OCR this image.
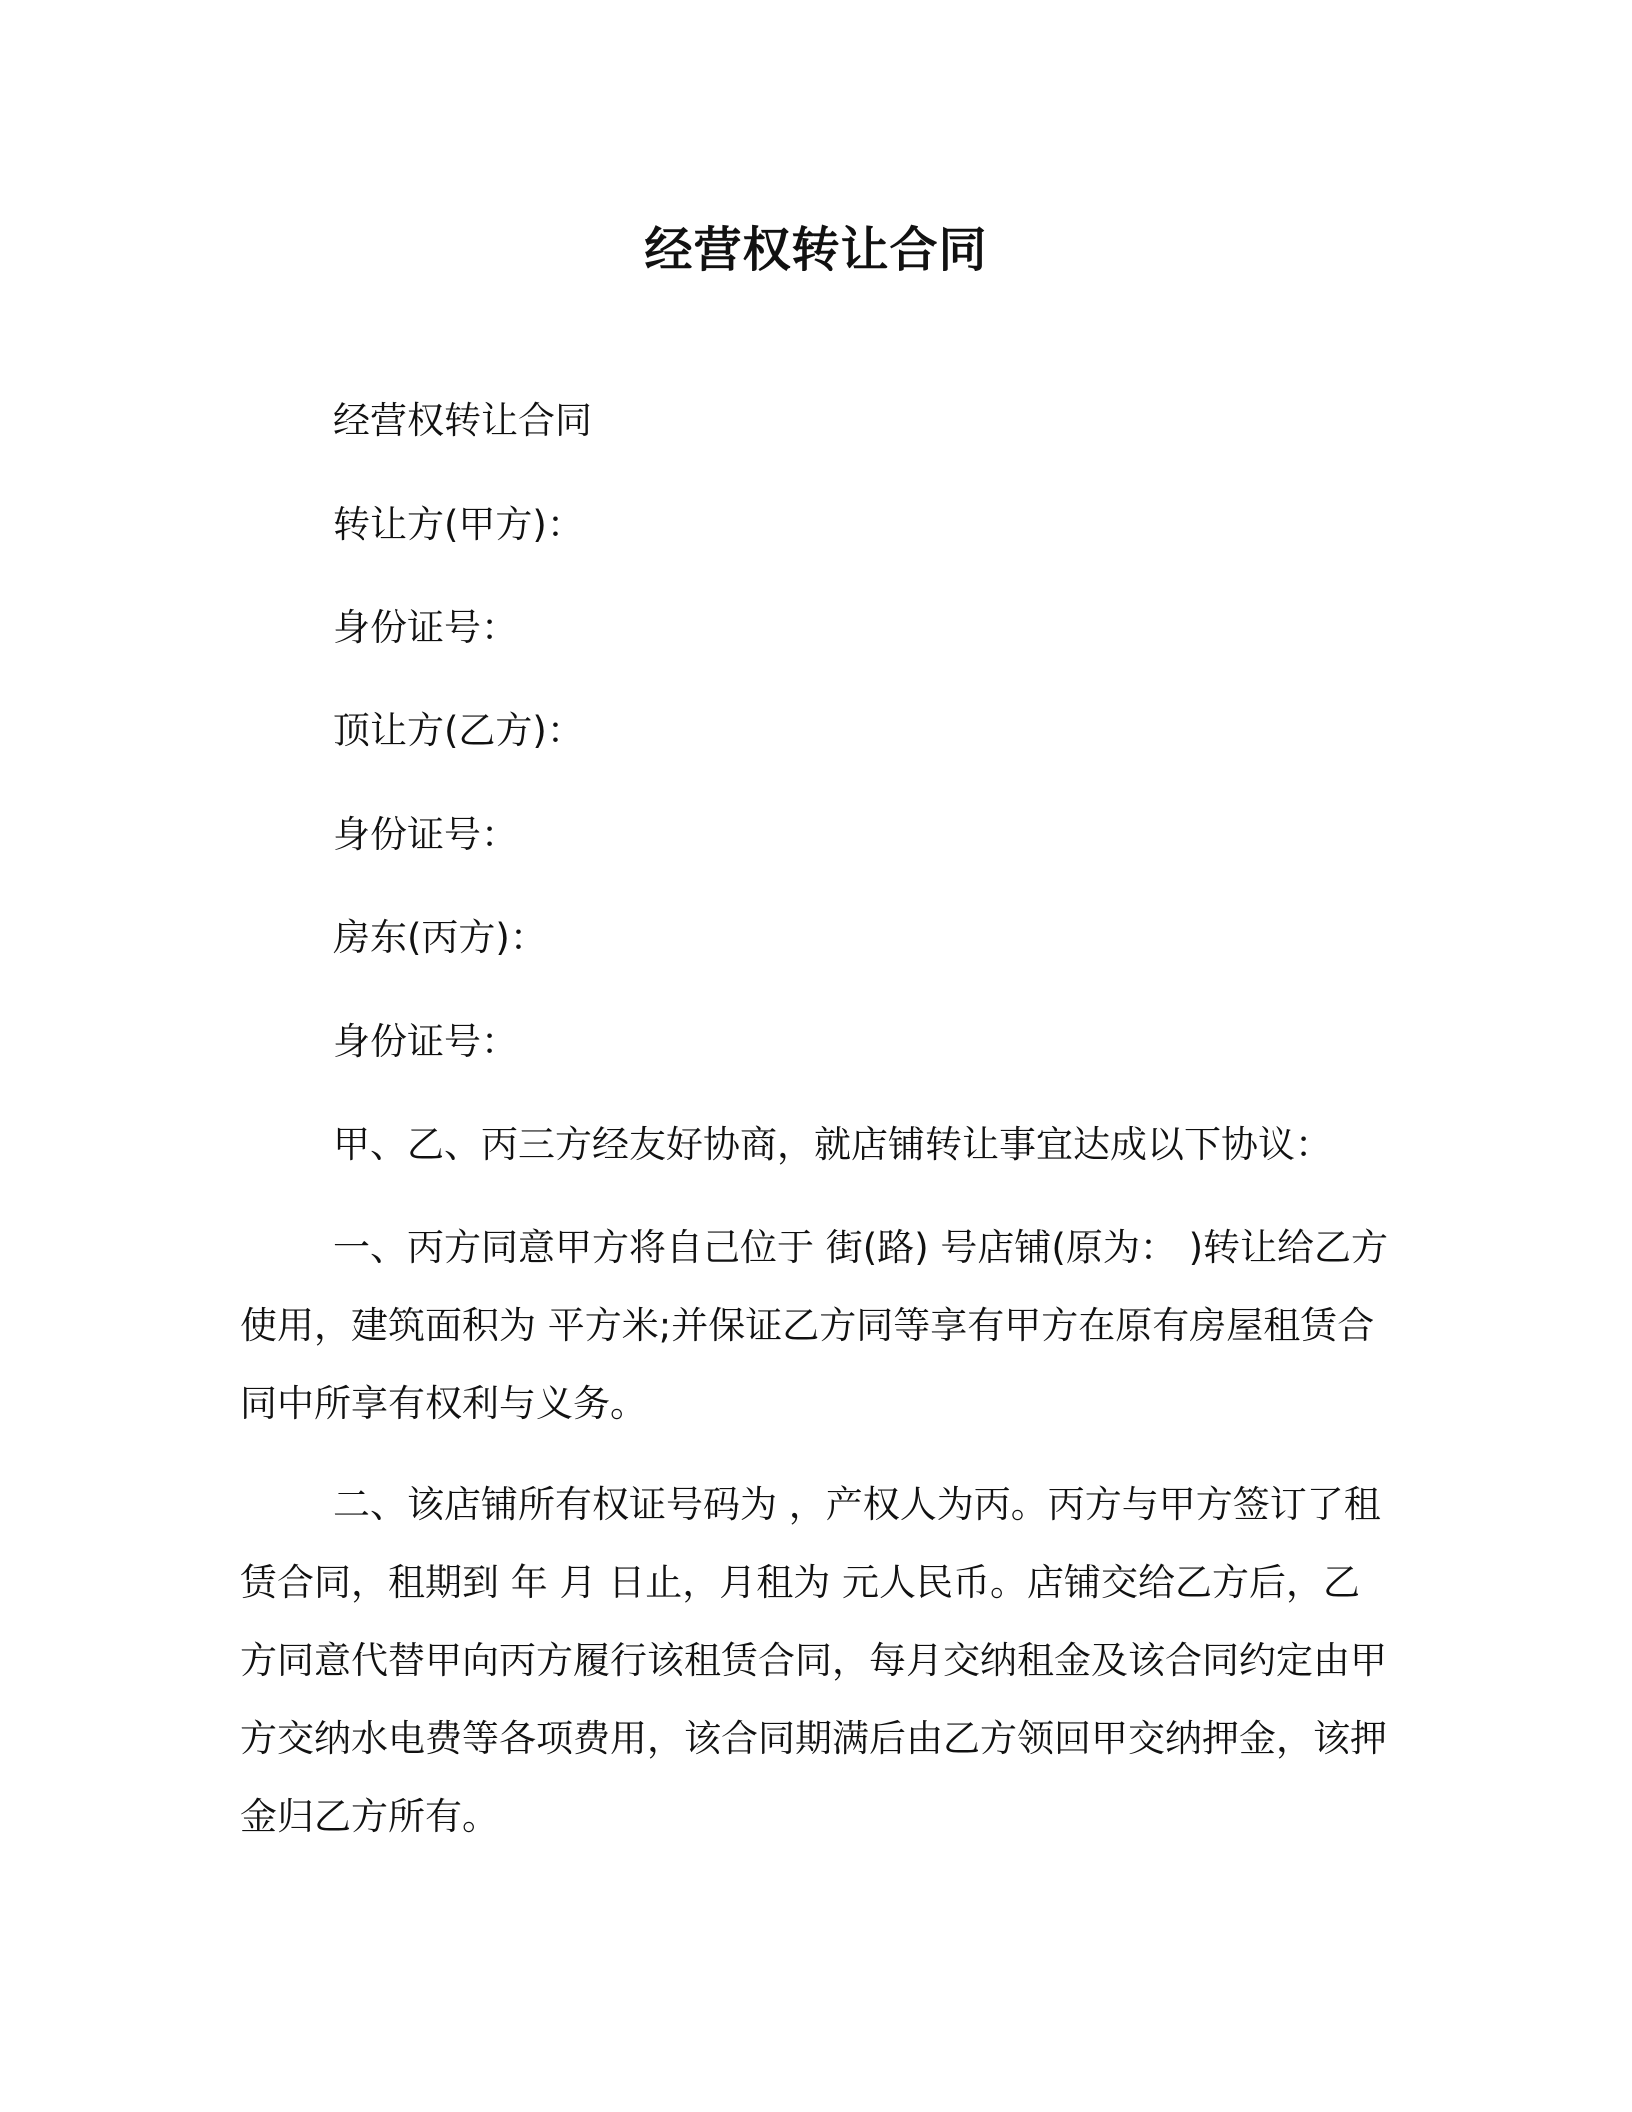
经营权转让合同
经营权转让合同
转让方(甲方)：
身份证号：
顶让方(乙方)：
身份证号：
房东(丙方)：
身份证号：
甲、乙、丙三方经友好协商，就店铺转让事宜达成以下协议：

一、丙方同意甲方将自己位于 街(路) 号店铺(原为： )转让给乙方使用，建筑面积为 平方米;并保证乙方同等享有甲方在原有房屋租赁合同中所享有权利与义务。

二、该店铺所有权证号码为 ，产权人为丙。丙方与甲方签订了租赁合同，租期到 年 月 日止，月租为 元人民币。店铺交给乙方后，乙方同意代替甲向丙方履行该租赁合同，每月交纳租金及该合同约定由甲方交纳水电费等各项费用，该合同期满后由乙方领回甲交纳押金，该押金归乙方所有。
